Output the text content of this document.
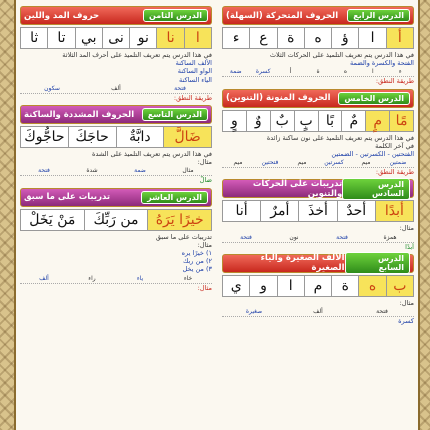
الدرس الرابع
الحروف المتحركة (السهلة)
أ
ا
ؤ
ه
ة
ع
ء
في هذا الدرس يتم تعريف التلميذ على الحركات الثلاث
الفتحة والكسرة والضمة
ء
ا
ه
ة
أ
كسرة
ضمة
طريقة النطق:
الدرس الخامس
الحروف المنونة (التنوين)
مًا
مٍ
مٌ
بًا
بٍ
بٌ
وٌ
وٍ
في هذا الدرس يتم تعريف التلميذ على نون ساكنة زائدة
في آخر الكلمة
الفتحتين - الكسرتين - الضمتين
ضمتين
ميم
كسرتين
ميم
فتحتين
ميم
طريقة النطق:
الدرس السادس
تدريبات على الحركات والتنوين
أبدًا
أحدٌ
أخذَ
أمرٌ
أنا
مثال:
همزة
فتحة
نون
فتحة
أبدًا
الدرس السابع
الألف الصغيرة والياء الصغيرة
ب
ه
ة
م
ا
و
ي
مثال:
فتحة
ألف
صغيرة
كسرة
الدرس الثامن
حروف المد واللين
ا
نا
نو
نى
بي
تا
ثا
في هذا الدرس يتم تعريف التلميذ على أحرف المد الثلاثة
الألف الساكنة
الواو الساكنة
الياء الساكنة
فتحة
ألف
سكون
طريقة النطق:
الدرس التاسع
الحروف المشددة والساكنة
ضَالَّ
دابَّةٌ
حاجَكَ
حاجُّوكَ
في هذا الدرس يتم تعريف التلميذ على الشدة
مثال:
مثال
ضمة
شدة
فتحة
ضالَّ
الدرس العاشر
تدريبات على ما سبق
خيرًا يَرَهُ
من رَبِّكَ
مَنْ يَخَلْ
تدريبات على ما سبق
مثال:
١) خيرًا يره
٢) من ربك
٣) من يخل
خاء
ياء
راء
ألف
مثال:
